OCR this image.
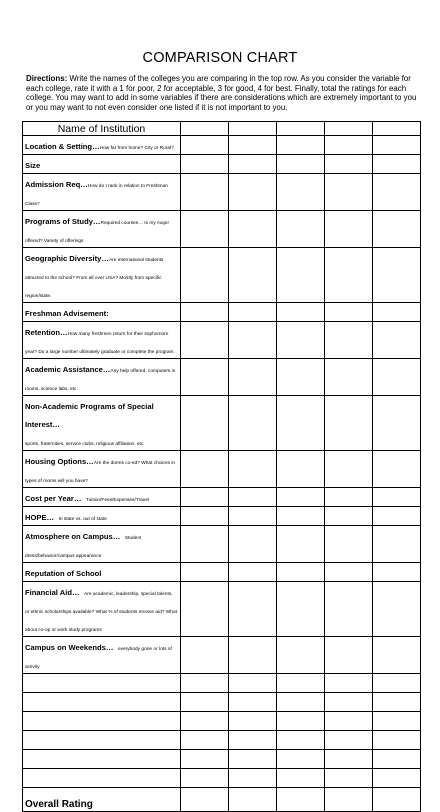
COMPARISON CHART
Directions: Write the names of the colleges you are comparing in the top row. As you consider the variable for each college, rate it with a 1 for poor, 2 for acceptable, 3 for good, 4 for best. Finally, total the ratings for each college. You may want to add in some variables if there are considerations which are extremely important to you or you may want to not even consider one listed if it is not important to you.
Name of Institution					
Location & Setting…How far from home? City or Rural?					
Size					
Admission Req…How do I rank in relation to Freshman Class?					
Programs of Study…Required courses… Is my major offered? Variety of offerings					
Geographic Diversity…Are international students attracted to the school? From all over USA? Mostly from specific region/state.					
Freshman Advisement:					
Retention…How many freshmen return for their sophomore year? Do a large number ultimately graduate or complete the program.					
Academic Assistance…Any help offered, computers in rooms, science labs, etc.					
Non-Academic Programs of Special Interest…
sports, fraternities, service clubs, religious affiliation, etc.					
Housing Options…Are the dorms co-ed? What choices in types of rooms will you have?					
Cost per Year… Tuition/Fees/Expenses/Travel					
HOPE… In state vs. out of state					
Atmosphere on Campus… Student dress/behavior/campus appearance					
Reputation of School					
Financial Aid… Are academic, leadership, special talents, or ethnic scholarships available? What % of students receive aid? What about co-op or work study programs					
Campus on Weekends… everybody gone or lots of activity					

Overall Rating					
